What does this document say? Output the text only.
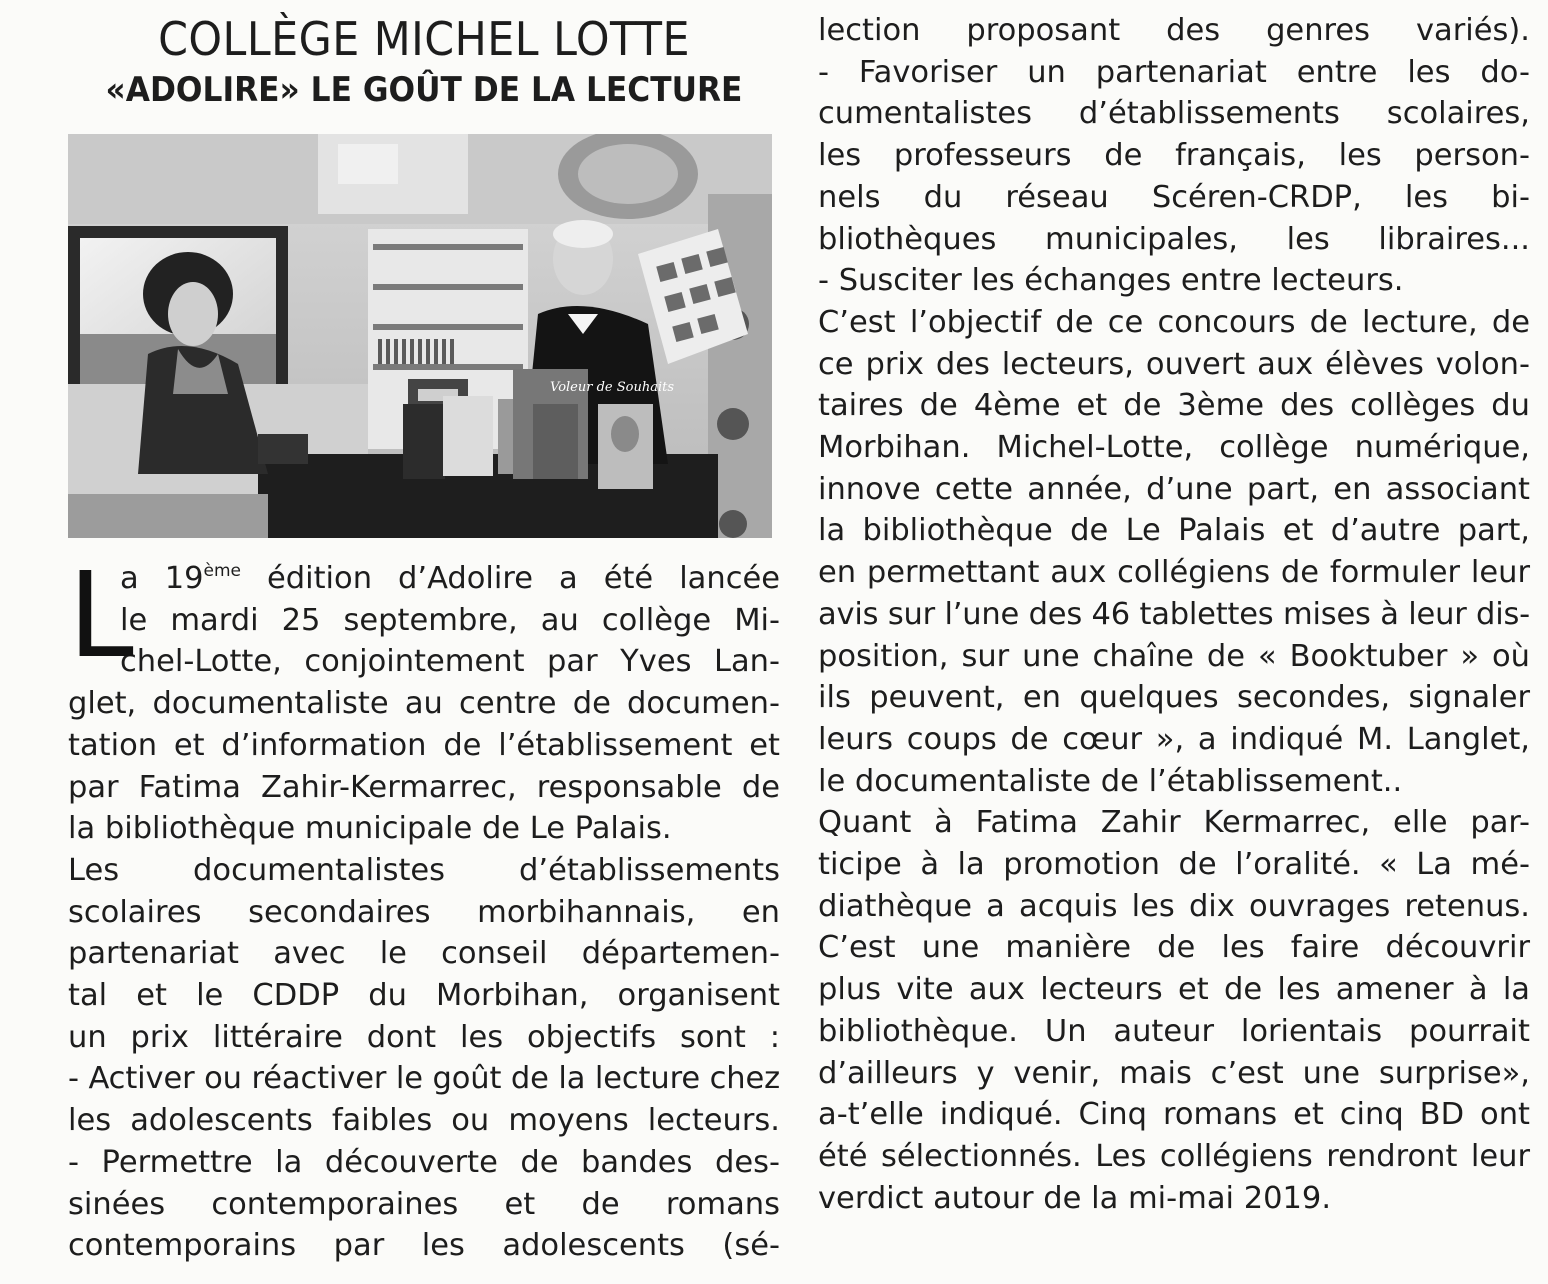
COLLÈGE MICHEL LOTTE
«ADOLIRE» LE GOÛT DE LA LECTURE
Voleur de Souhaits
L
a 19ème édition d’Adolire a été lancée
le mardi 25 septembre, au collège Mi-
chel-Lotte, conjointement par Yves Lan-
glet, documentaliste au centre de documen-
tation et d’information de l’établissement et
par Fatima Zahir-Kermarrec, responsable de
la bibliothèque municipale de Le Palais.
Les documentalistes d’établissements
scolaires secondaires morbihannais, en
partenariat avec le conseil départemen-
tal et le CDDP du Morbihan, organisent
un prix littéraire dont les objectifs sont :
- Activer ou réactiver le goût de la lecture chez
les adolescents faibles ou moyens lecteurs.
- Permettre la découverte de bandes des-
sinées contemporaines et de romans
contemporains par les adolescents (sé-
lection proposant des genres variés).
- Favoriser un partenariat entre les do-
cumentalistes d’établissements scolaires,
les professeurs de français, les person-
nels du réseau Scéren-CRDP, les bi-
bliothèques municipales, les libraires...
- Susciter les échanges entre lecteurs.
C’est l’objectif de ce concours de lecture, de
ce prix des lecteurs, ouvert aux élèves volon-
taires de 4ème et de 3ème des collèges du
Morbihan. Michel-Lotte, collège numérique,
innove cette année, d’une part, en associant
la bibliothèque de Le Palais et d’autre part,
en permettant aux collégiens de formuler leur
avis sur l’une des 46 tablettes mises à leur dis-
position, sur une chaîne de « Booktuber » où
ils peuvent, en quelques secondes, signaler
leurs coups de cœur », a indiqué M. Langlet,
le documentaliste de l’établissement..
Quant à Fatima Zahir Kermarrec, elle par-
ticipe à la promotion de l’oralité. « La mé-
diathèque a acquis les dix ouvrages retenus.
C’est une manière de les faire découvrir
plus vite aux lecteurs et de les amener à la
bibliothèque. Un auteur lorientais pourrait
d’ailleurs y venir, mais c’est une surprise»,
a-t’elle indiqué. Cinq romans et cinq BD ont
été sélectionnés. Les collégiens rendront leur
verdict autour de la mi-mai 2019.
